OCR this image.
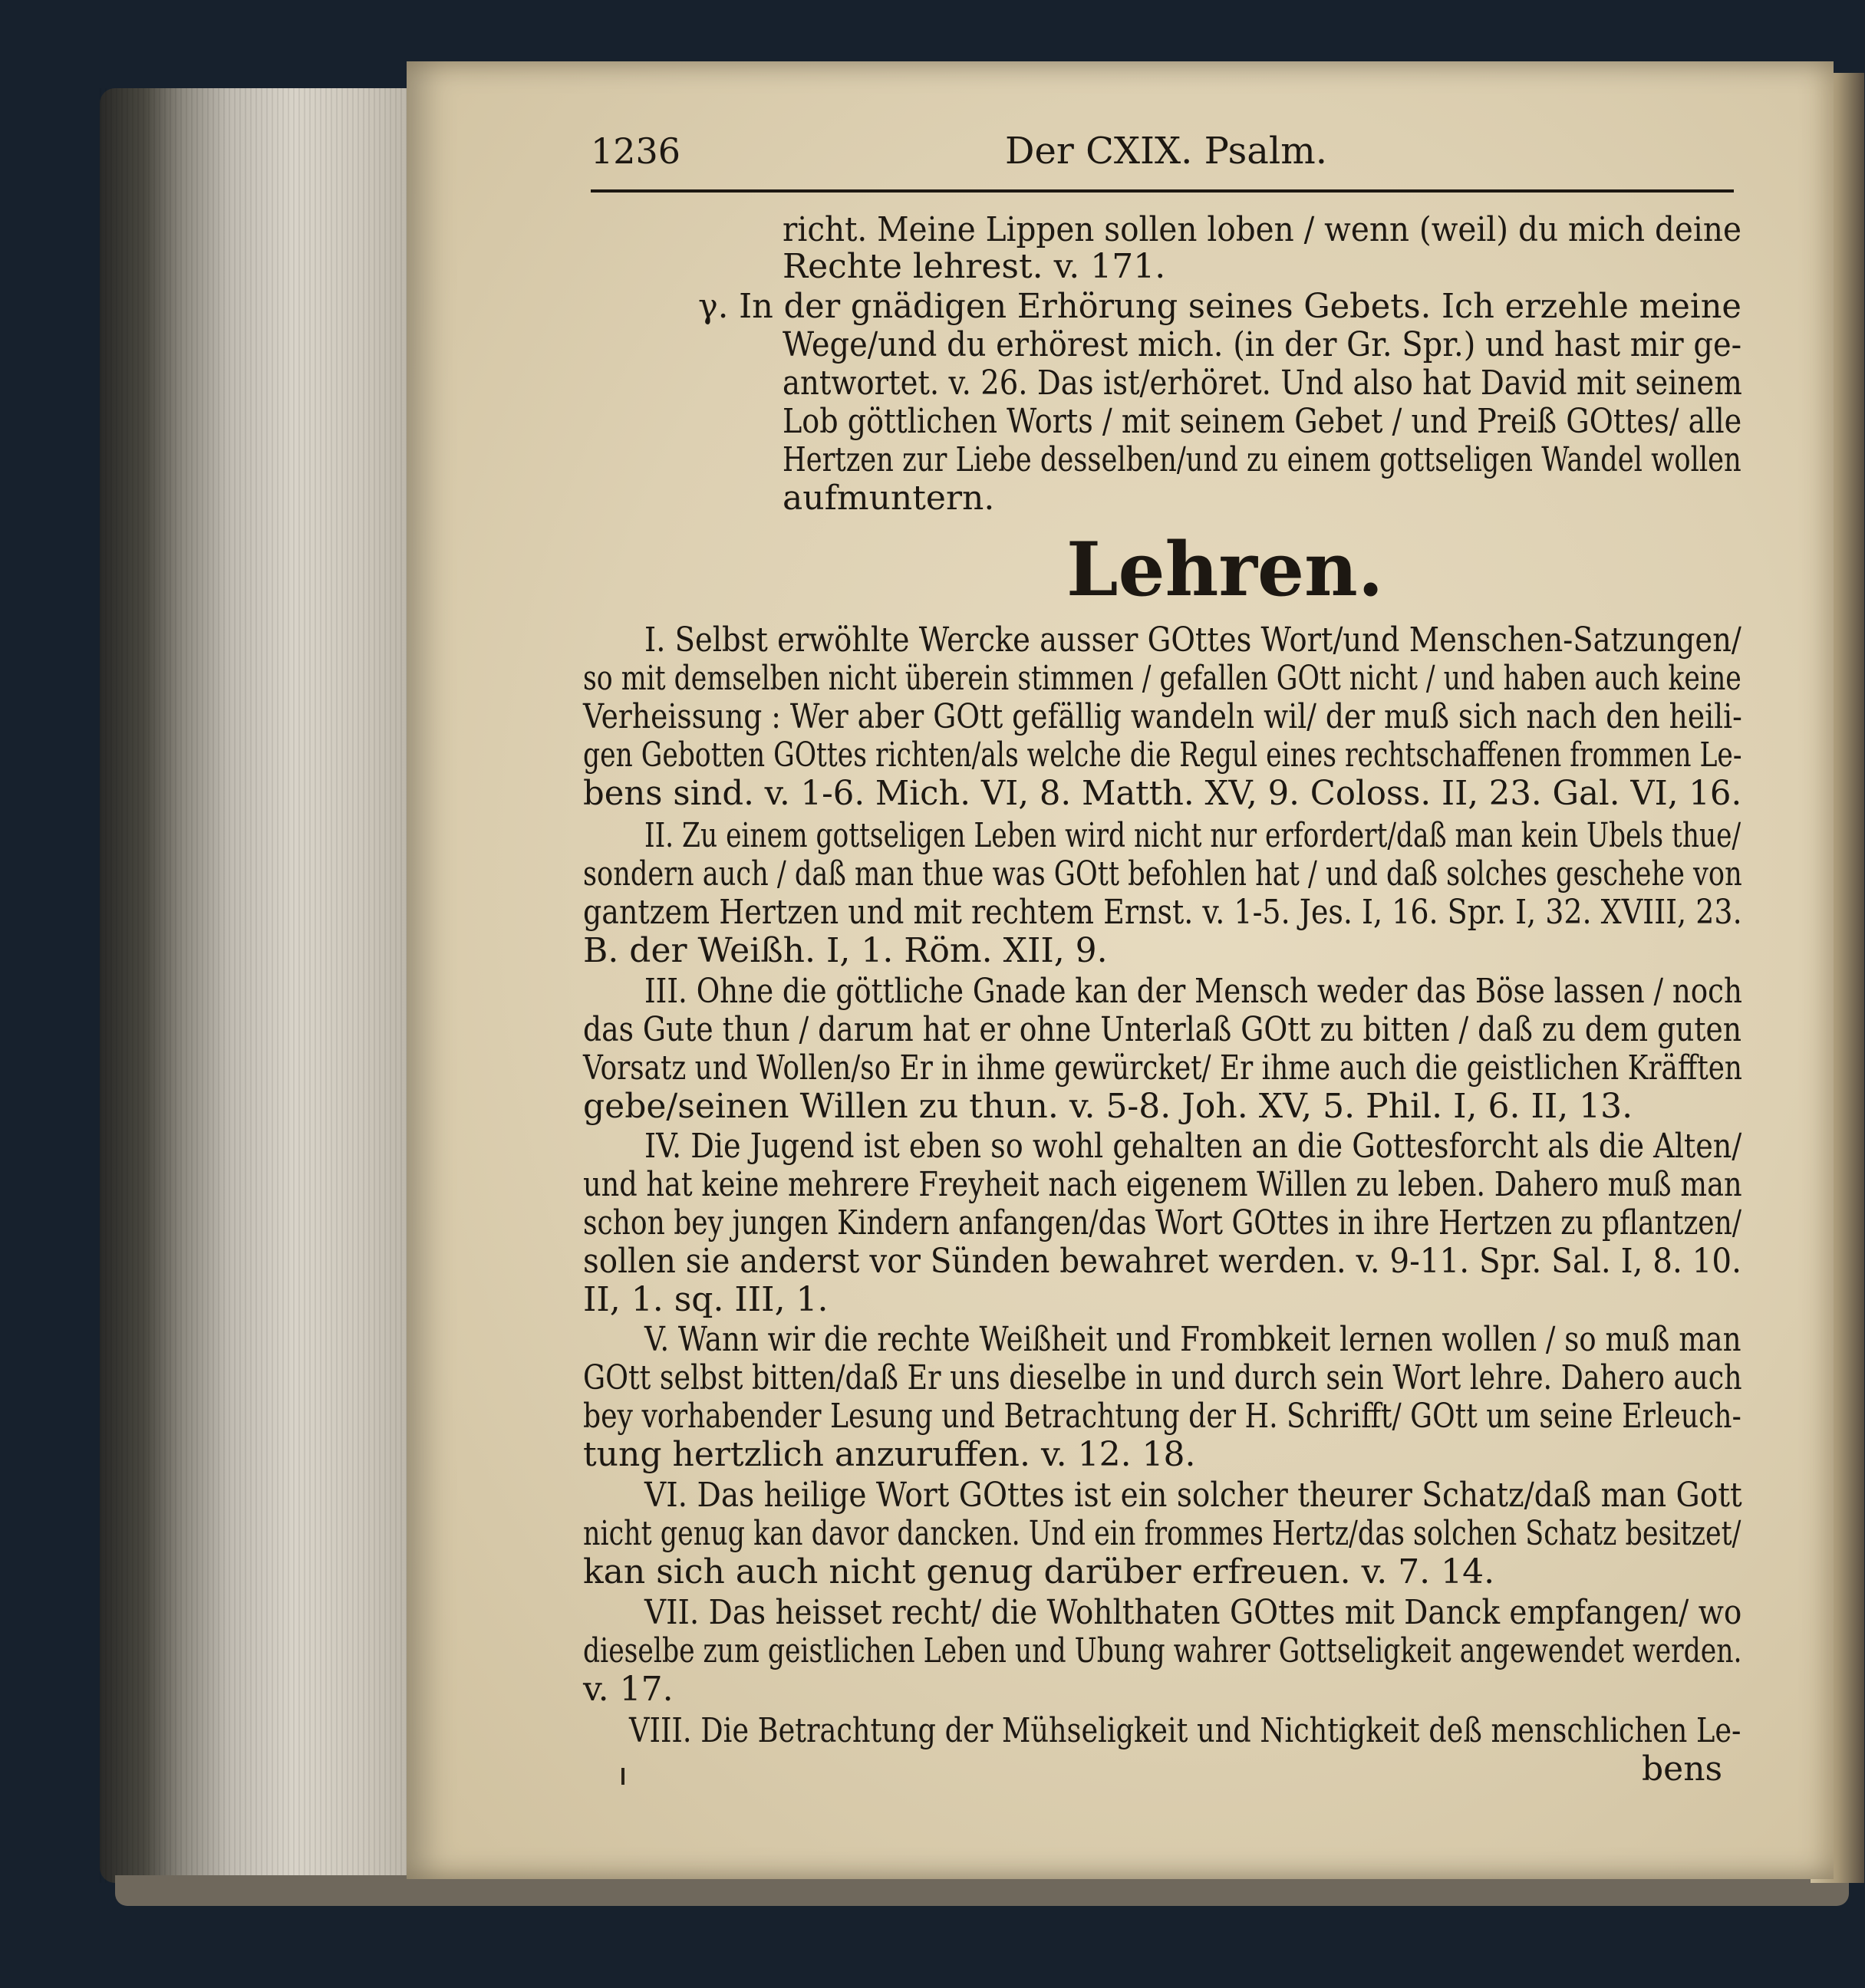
1236	Der CXIX. Psalm.
Lehren.
richt. Meine Lippen sollen loben / wenn (weil) du mich deine
Rechte lehrest. v. 171.
γ. In der gnädigen Erhörung seines Gebets. Ich erzehle meine
Wege/und du erhörest mich. (in der Gr. Spr.) und hast mir ge-
antwortet. v. 26. Das ist/erhöret. Und also hat David mit seinem
Lob göttlichen Worts / mit seinem Gebet / und Preiß GOttes/ alle
Hertzen zur Liebe desselben/und zu einem gottseligen Wandel wollen
aufmuntern.
I. Selbst erwöhlte Wercke ausser GOttes Wort/und Menschen-Satzungen/
so mit demselben nicht überein stimmen / gefallen GOtt nicht / und haben auch keine
Verheissung : Wer aber GOtt gefällig wandeln wil/ der muß sich nach den heili-
gen Gebotten GOttes richten/als welche die Regul eines rechtschaffenen frommen Le-
bens sind. v. 1-6. Mich. VI, 8. Matth. XV, 9. Coloss. II, 23. Gal. VI, 16.
II. Zu einem gottseligen Leben wird nicht nur erfordert/daß man kein Ubels thue/
sondern auch / daß man thue was GOtt befohlen hat / und daß solches geschehe von
gantzem Hertzen und mit rechtem Ernst. v. 1-5. Jes. I, 16. Spr. I, 32. XVIII, 23.
B. der Weißh. I, 1. Röm. XII, 9.
III. Ohne die göttliche Gnade kan der Mensch weder das Böse lassen / noch
das Gute thun / darum hat er ohne Unterlaß GOtt zu bitten / daß zu dem guten
Vorsatz und Wollen/so Er in ihme gewürcket/ Er ihme auch die geistlichen Kräfften
gebe/seinen Willen zu thun. v. 5-8. Joh. XV, 5. Phil. I, 6. II, 13.
IV. Die Jugend ist eben so wohl gehalten an die Gottesforcht als die Alten/
und hat keine mehrere Freyheit nach eigenem Willen zu leben. Dahero muß man
schon bey jungen Kindern anfangen/das Wort GOttes in ihre Hertzen zu pflantzen/
sollen sie anderst vor Sünden bewahret werden. v. 9-11. Spr. Sal. I, 8. 10.
II, 1. sq. III, 1.
V. Wann wir die rechte Weißheit und Frombkeit lernen wollen / so muß man
GOtt selbst bitten/daß Er uns dieselbe in und durch sein Wort lehre. Dahero auch
bey vorhabender Lesung und Betrachtung der H. Schrifft/ GOtt um seine Erleuch-
tung hertzlich anzuruffen. v. 12. 18.
VI. Das heilige Wort GOttes ist ein solcher theurer Schatz/daß man Gott
nicht genug kan davor dancken. Und ein frommes Hertz/das solchen Schatz besitzet/
kan sich auch nicht genug darüber erfreuen. v. 7. 14.
VII. Das heisset recht/ die Wohlthaten GOttes mit Danck empfangen/ wo
dieselbe zum geistlichen Leben und Ubung wahrer Gottseligkeit angewendet werden.
v. 17.
VIII. Die Betrachtung der Mühseligkeit und Nichtigkeit deß menschlichen Le-
bens
